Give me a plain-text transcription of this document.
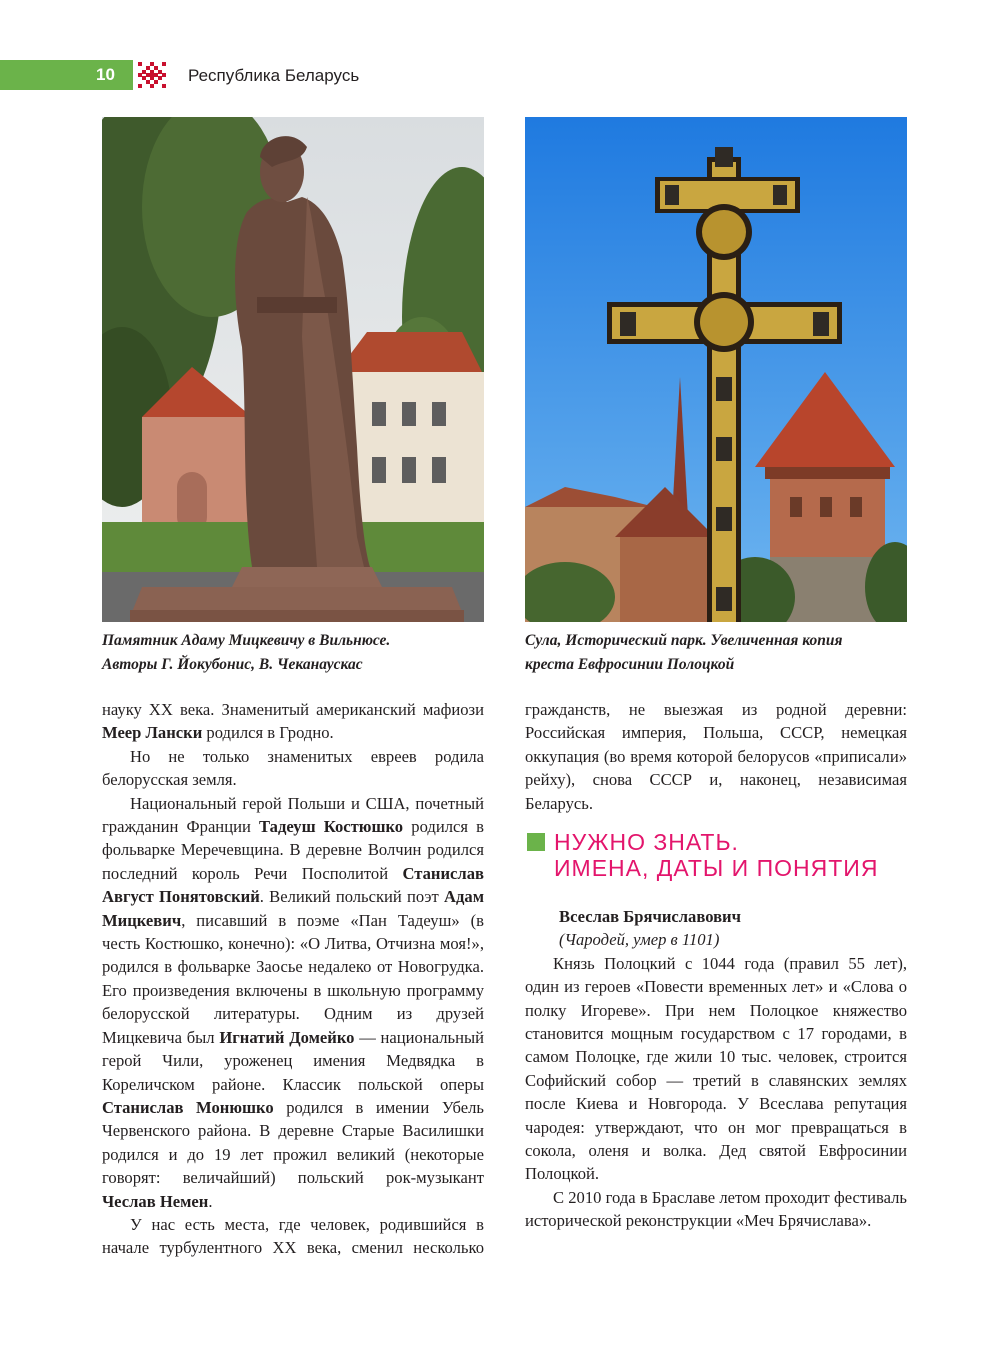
10	Республика Беларусь
Памятник Адаму Мицкевичу в Вильнюсе.
Авторы Г. Йокубонис, В. Чеканаускас
Сула, Исторический парк. Увеличенная копия
креста Евфросинии Полоцкой

науку XX века. Знаменитый американский мафиози Меер Лански родился в Гродно.

Но не только знаменитых евреев родила белорусская земля.

Национальный герой Польши и США, почетный гражданин Франции Тадеуш Костюшко родился в фольварке Меречевщина. В деревне Волчин родился последний король Речи Посполитой Станислав Август Понятовский. Великий польский поэт Адам Мицкевич, писавший в поэме «Пан Тадеуш» (в честь Костюшко, конечно): «О Литва, Отчизна моя!», родился в фольварке Заосье недалеко от Новогрудка. Его произведения включены в школьную программу белорусской литературы. Одним из друзей Мицкевича был Игнатий Домейко — национальный герой Чили, уроженец имения Медвядка в Кореличском районе. Классик польской оперы Станислав Монюшко родился в имении Убель Червенского района. В деревне Старые Василишки родился и до 19 лет прожил великий (некоторые говорят: величайший) польский рок-музыкант Чеслав Немен.

У нас есть места, где человек, родившийся в начале турбулентного XX века, сменил несколько

гражданств, не выезжая из родной деревни: Российская империя, Польша, СССР, немецкая оккупация (во время которой белорусов «приписали» рейху), снова СССР и, наконец, независимая Беларусь.

НУЖНО ЗНАТЬ.
ИМЕНА, ДАТЫ И ПОНЯТИЯ

Всеслав Брячиславович

(Чародей, умер в 1101)

Князь Полоцкий с 1044 года (правил 55 лет), один из героев «Повести временных лет» и «Слова о полку Игореве». При нем Полоцкое княжество становится мощным государством с 17 городами, в самом Полоцке, где жили 10 тыс. человек, строится Софийский собор — третий в славянских землях после Киева и Новгорода. У Всеслава репутация чародея: утверждают, что он мог превращаться в сокола, оленя и волка. Дед святой Евфросинии Полоцкой.

С 2010 года в Браславе летом проходит фестиваль исторической реконструкции «Меч Брячислава».
